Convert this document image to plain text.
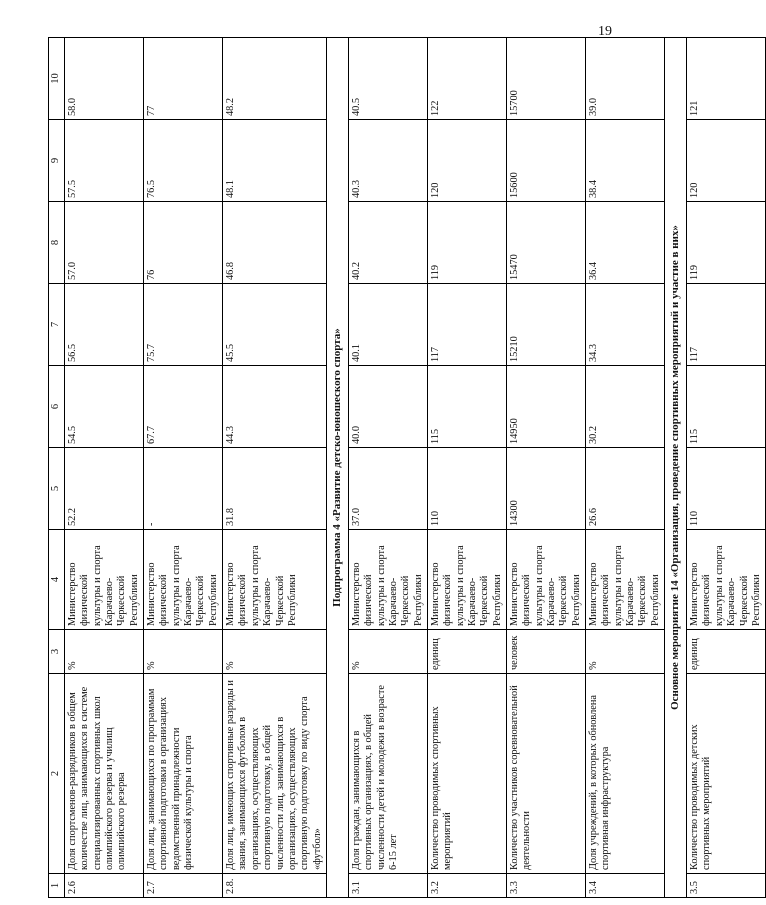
19
1	2	3	4	5	6	7	8	9	10
2.6	Доля спортсменов-разрядников в общем количестве лиц, занимающихся в системе специализированных спортивных школ олимпийского резерва и училищ олимпийского резерва	%	Министерство физической культуры и спорта Карачаево-Черкесской Республики	52.2	54.5	56.5	57.0	57.5	58.0
2.7	Доля лиц, занимающихся по программам спортивной подготовки в организациях ведомственной принадлежности физической культуры и спорта	%	Министерство физической культуры и спорта Карачаево-Черкесской Республики	-	67.7	75.7	76	76.5	77
2.8.	Доля лиц, имеющих спортивные разряды и звания, занимающихся футболом в организациях, осуществляющих спортивную подготовку, в общей численности лиц, занимающихся в организациях, осуществляющих спортивную подготовку по виду спорта «футбол»	%	Министерство физической культуры и спорта Карачаево-Черкесской Республики	31.8	44.3	45.5	46.8	48.1	48.2
Подпрограмма 4 «Развитие детско-юношеского спорта»									
3.1	Доля граждан, занимающихся в спортивных организациях, в общей численности детей и молодежи в возрасте 6-15 лет	%	Министерство физической культуры и спорта Карачаево-Черкесской Республики	37.0	40.0	40.1	40.2	40.3	40.5
3.2	Количество проводимых спортивных мероприятий	единиц	Министерство физической культуры и спорта Карачаево-Черкесской Республики	110	115	117	119	120	122
3.3	Количество участников соревновательной деятельности	человек	Министерство физической культуры и спорта Карачаево-Черкесской Республики	14300	14950	15210	15470	15600	15700
3.4	Доля учреждений, в которых обновлена спортивная инфраструктура	%	Министерство физической культуры и спорта Карачаево-Черкесской Республики	26.6	30.2	34.3	36.4	38.4	39.0
Основное мероприятие 14 «Организация, проведение спортивных мероприятий и участие в них»									
3.5	Количество проводимых детских спортивных мероприятий	единиц	Министерство физической культуры и спорта Карачаево-Черкесской Республики	110	115	117	119	120	121
